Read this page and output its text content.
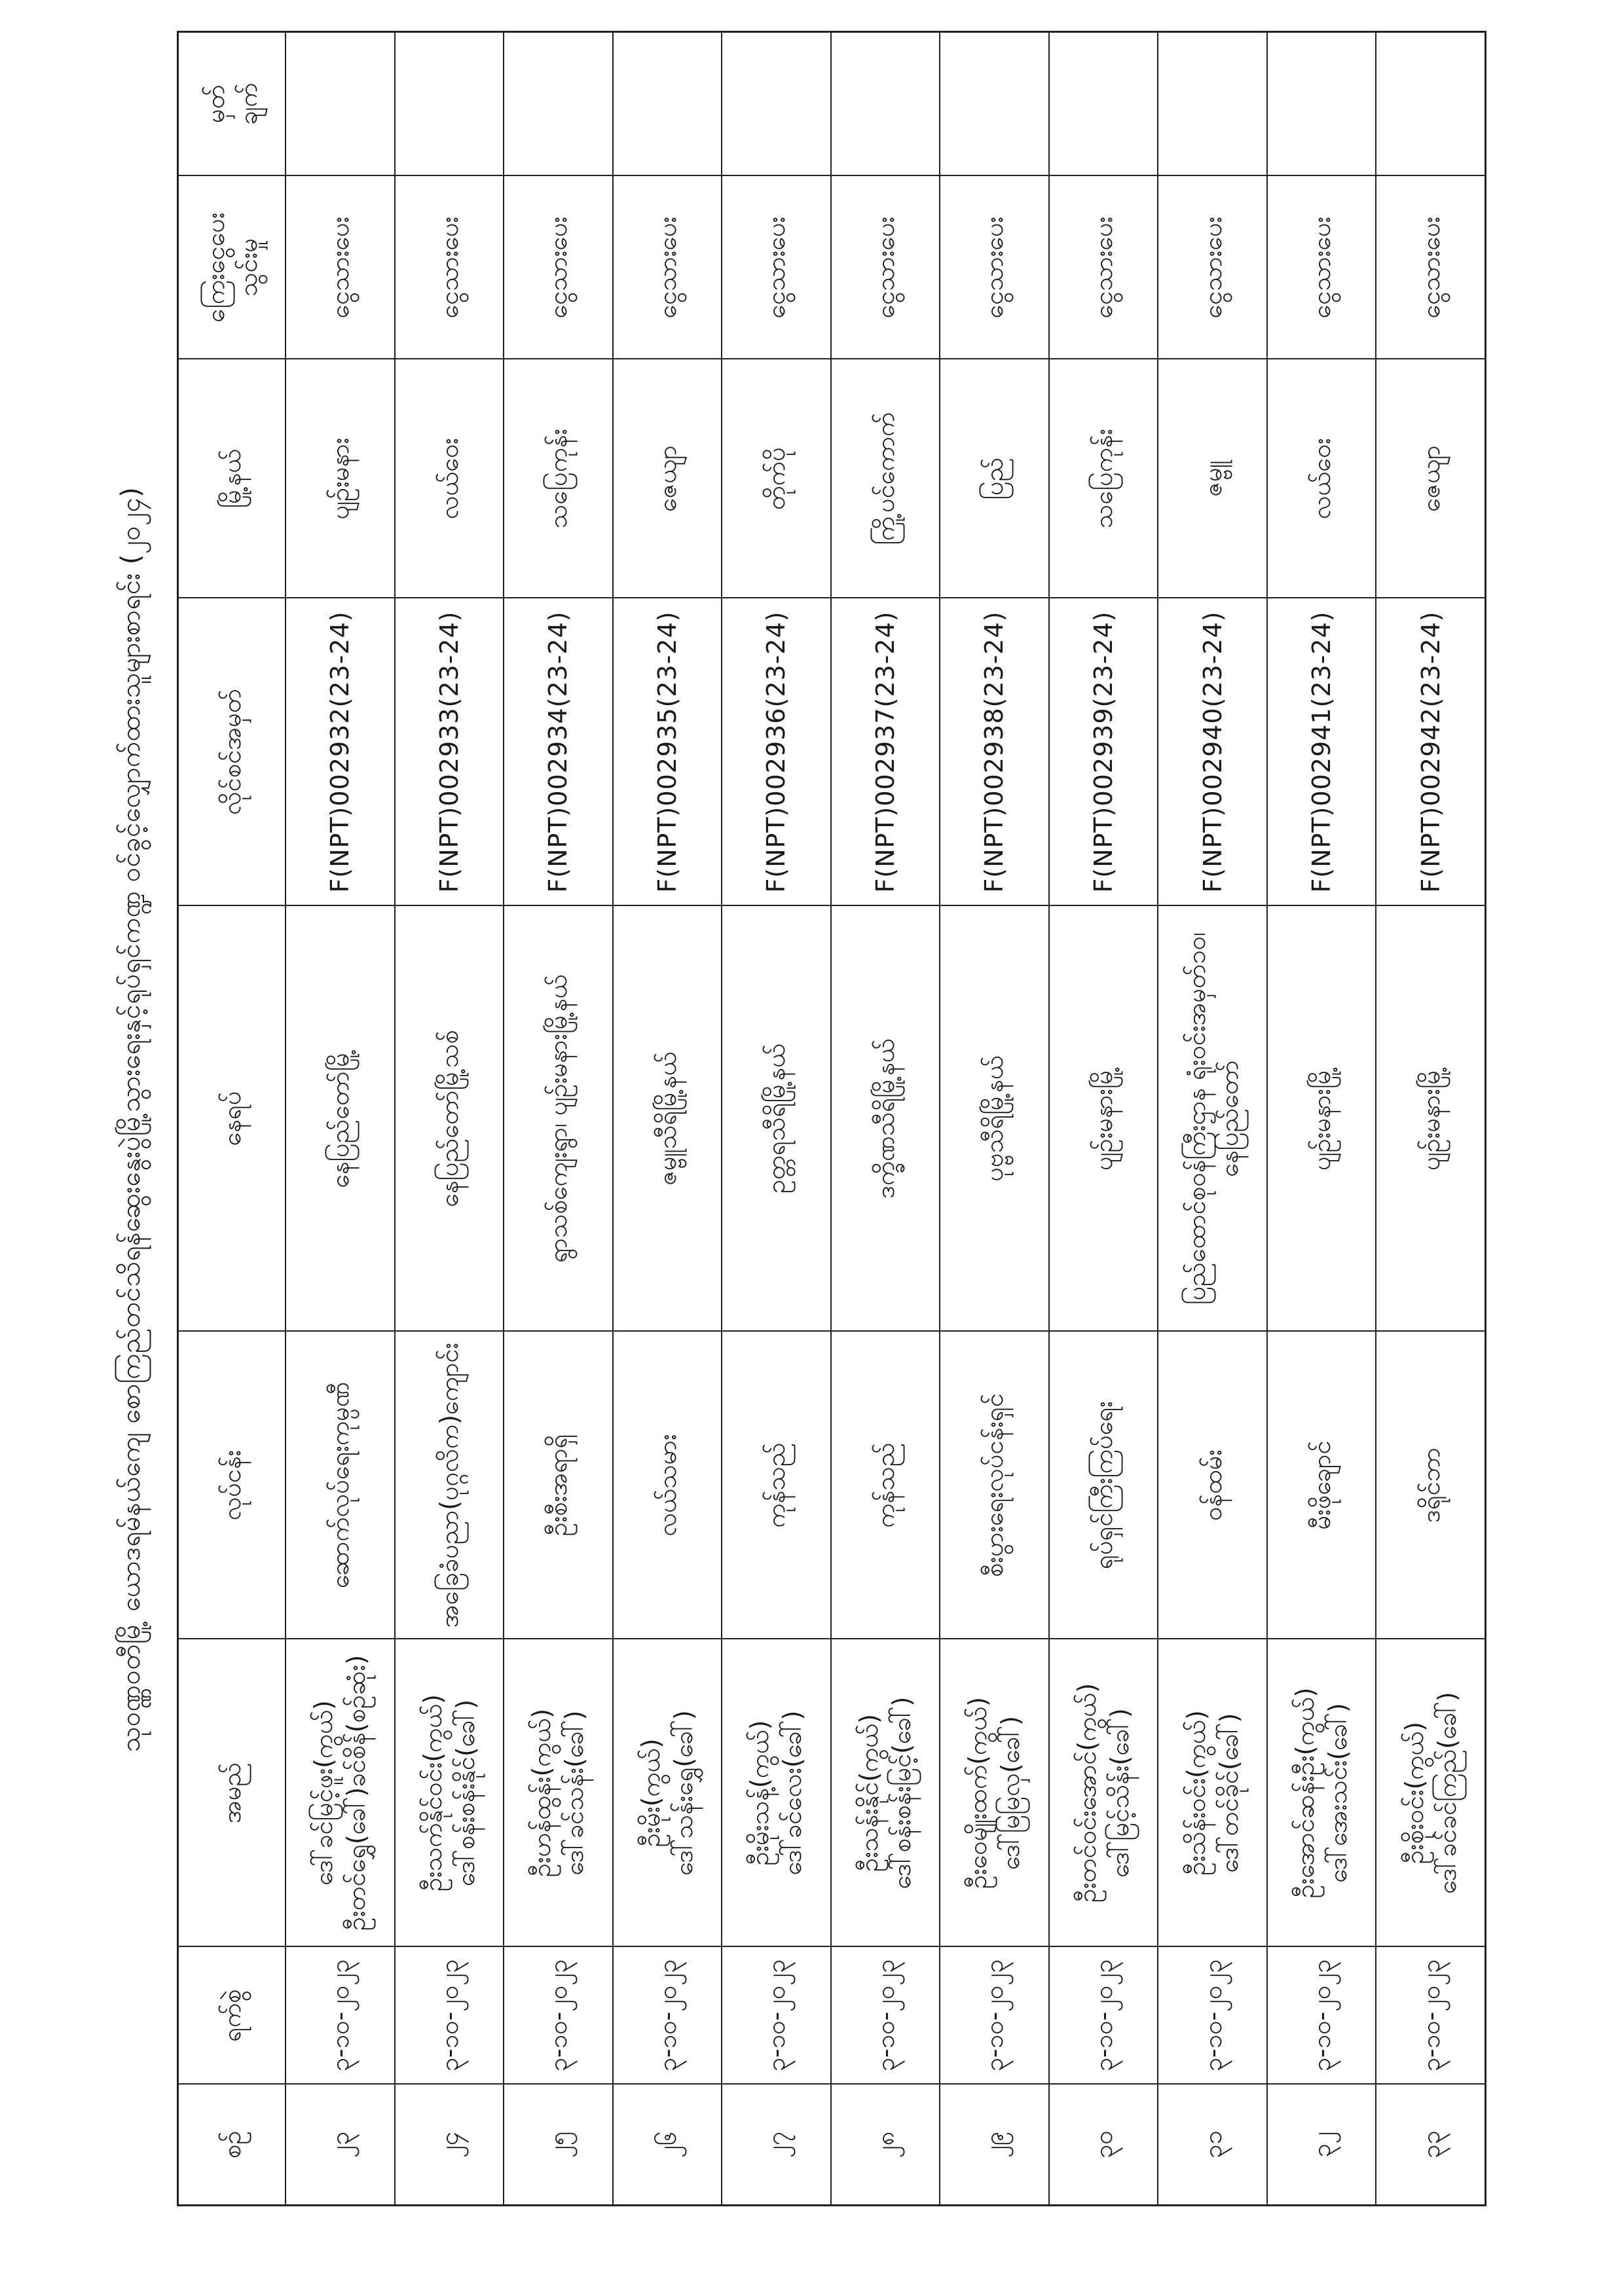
သုဝဏ္ဏ၀တီမြို့ ယောဒရမ်နယ်ကျေ စောကြည်တင်သိရန်ဆွေးနွေးပွဲမြို့သွားရေးနှင့်ရုပ်ရှင်ကဏ္ဍ ဝင်ခွင့်လျှောက်ထားသူများစာရင်း (၂၀၂၄)
စဉ်	ရက်စွဲ	အမည်	လုပ်ငန်း	နေရပ်	လိုင်စင်အမှတ်	မြို့နယ်	ကြေးငွေပေး သွင်းမှု	မှတ် ချက်

၂၃	၃-၁၀-၂၀၂၃	ဒေါ်ခင်မြင့်ဖူး(ကွယ်) ဦးတင်ရွှေ(ခေါ်)ခင်စိန်(စဉ်ဆုံး)	ဆောက်လုပ်ရေးကုမ္ပဏီ	နေပြည်တော်မြို့	F(NPT)002932(23-24)	ပျဉ်းမနား	ငွေသားပေး	
၂၄	၃-၁၀-၂၀၂၃	ဦးသက်နိုင်ဝင်း(ကွယ်) ဒေါ်စန်းစန်းနိုင်(ခေါ်)	အခြေခံပညာ(ပုဂ္ဂလိက)ကျောင်း	နေပြည်တော်မြို့သစ်	F(NPT)002933(23-24)	လယ်ဝေး	ငွေသားပေး	
၂၅	၃-၁၀-၂၀၂၃	ဦးဟန်ထွန်း(ကွယ်) ဒေါ်ခင်သန်း(ခေါ်)	ဦးစီးအရာရှိ	ရွာသစ်ကျေးရွာ၊ ပျဉ်းမနားမြို့နယ်	F(NPT)002934(23-24)	သပြေကုန်း	ငွေသားပေး	
၂၆	၃-၁၀-၂၀၂၃	ဦးမိုး(ကွယ်) ဒေါ်သန်းရွှေ(ခေါ်)	လယ်သမား	ဇမ္ဗူသီရိမြို့နယ်	F(NPT)002935(23-24)	ဇေယျာ	ငွေသားပေး	
၂၇	၃-၁၀-၂၀၂၃	ဦးမိုးသန့်(ကွယ်) ဒေါ်ခင်လေး(ခေါ်)	ကုန်သည်	ဥတ္တရသီရိမြို့နယ်	F(NPT)002936(23-24)	တိုက်ပို	ငွေသားပေး	
၂၈	၃-၁၀-၂၀၂၃	ဦးသန်းနိုင်(ကွယ်) ဒေါ်စန်းစန်းမြင့်(ခေါ်)	ကုန်သည်	ဒက္ခိဏသီရိမြို့နယ်	F(NPT)002937(23-24)	ကြို့ပင်ကောက်	ငွေသားပေး	
၂၉	၃-၁၀-၂၀၂၃	ဦးဝေမျိုးထက်(ကွယ်) ဒေါ်မြမြလှ(ခေါ်)	စီးပွားရေးလုပ်ငန်းရှင်	ပုဗ္ဗသီရိမြို့နယ်	F(NPT)002938(23-24)	ပြည်	ငွေသားပေး	
၃၀	၃-၁၀-၂၀၂၃	ဦးတင်ဝင်းအောင်(ကွယ်) ဒေါ်မြင့်သိန်း(ခေါ်)	ရုပ်ရှင်ကြီးကြပ်ရေး	ပျဉ်းမနားမြို့	F(NPT)002939(23-24)	သပြေကုန်း	ငွေသားပေး	
၃၁	၃-၁၀-၂၀၂၃	ဦးသိန်းဝင်း(ကွယ်) ဒေါ်တင်ခိုင်(ခေါ်)	ဝန်ထမ်း	ပြည်ထောင်စုဝန်ကြီးဌာန ရုံးဝင်းအမှတ်၁၀၊ နေပြည်တော်	F(NPT)002940(23-24)	ဇမ္ဗူ	ငွေသားပေး	
၃၂	၃-၁၀-၂၀၂၃	ဦးအောင်ဆန်းဦး(ကွယ်) ဒေါ်အေးသင်း(ခေါ်)	မီးဖိုချောင်	ပျဉ်းမနားမြို့	F(NPT)002941(23-24)	လယ်ဝေး	ငွေသားပေး	
၃၃	၃-၁၀-၂၀၂၃	ဦးစိုးဝင်း(ကွယ်) ဒေါ်ခင်ခင်ကြည်(ခေါ်)	ဒရိုင်ဘာ	ပျဉ်းမနားမြို့	F(NPT)002942(23-24)	ဇေယျာ	ငွေသားပေး	
